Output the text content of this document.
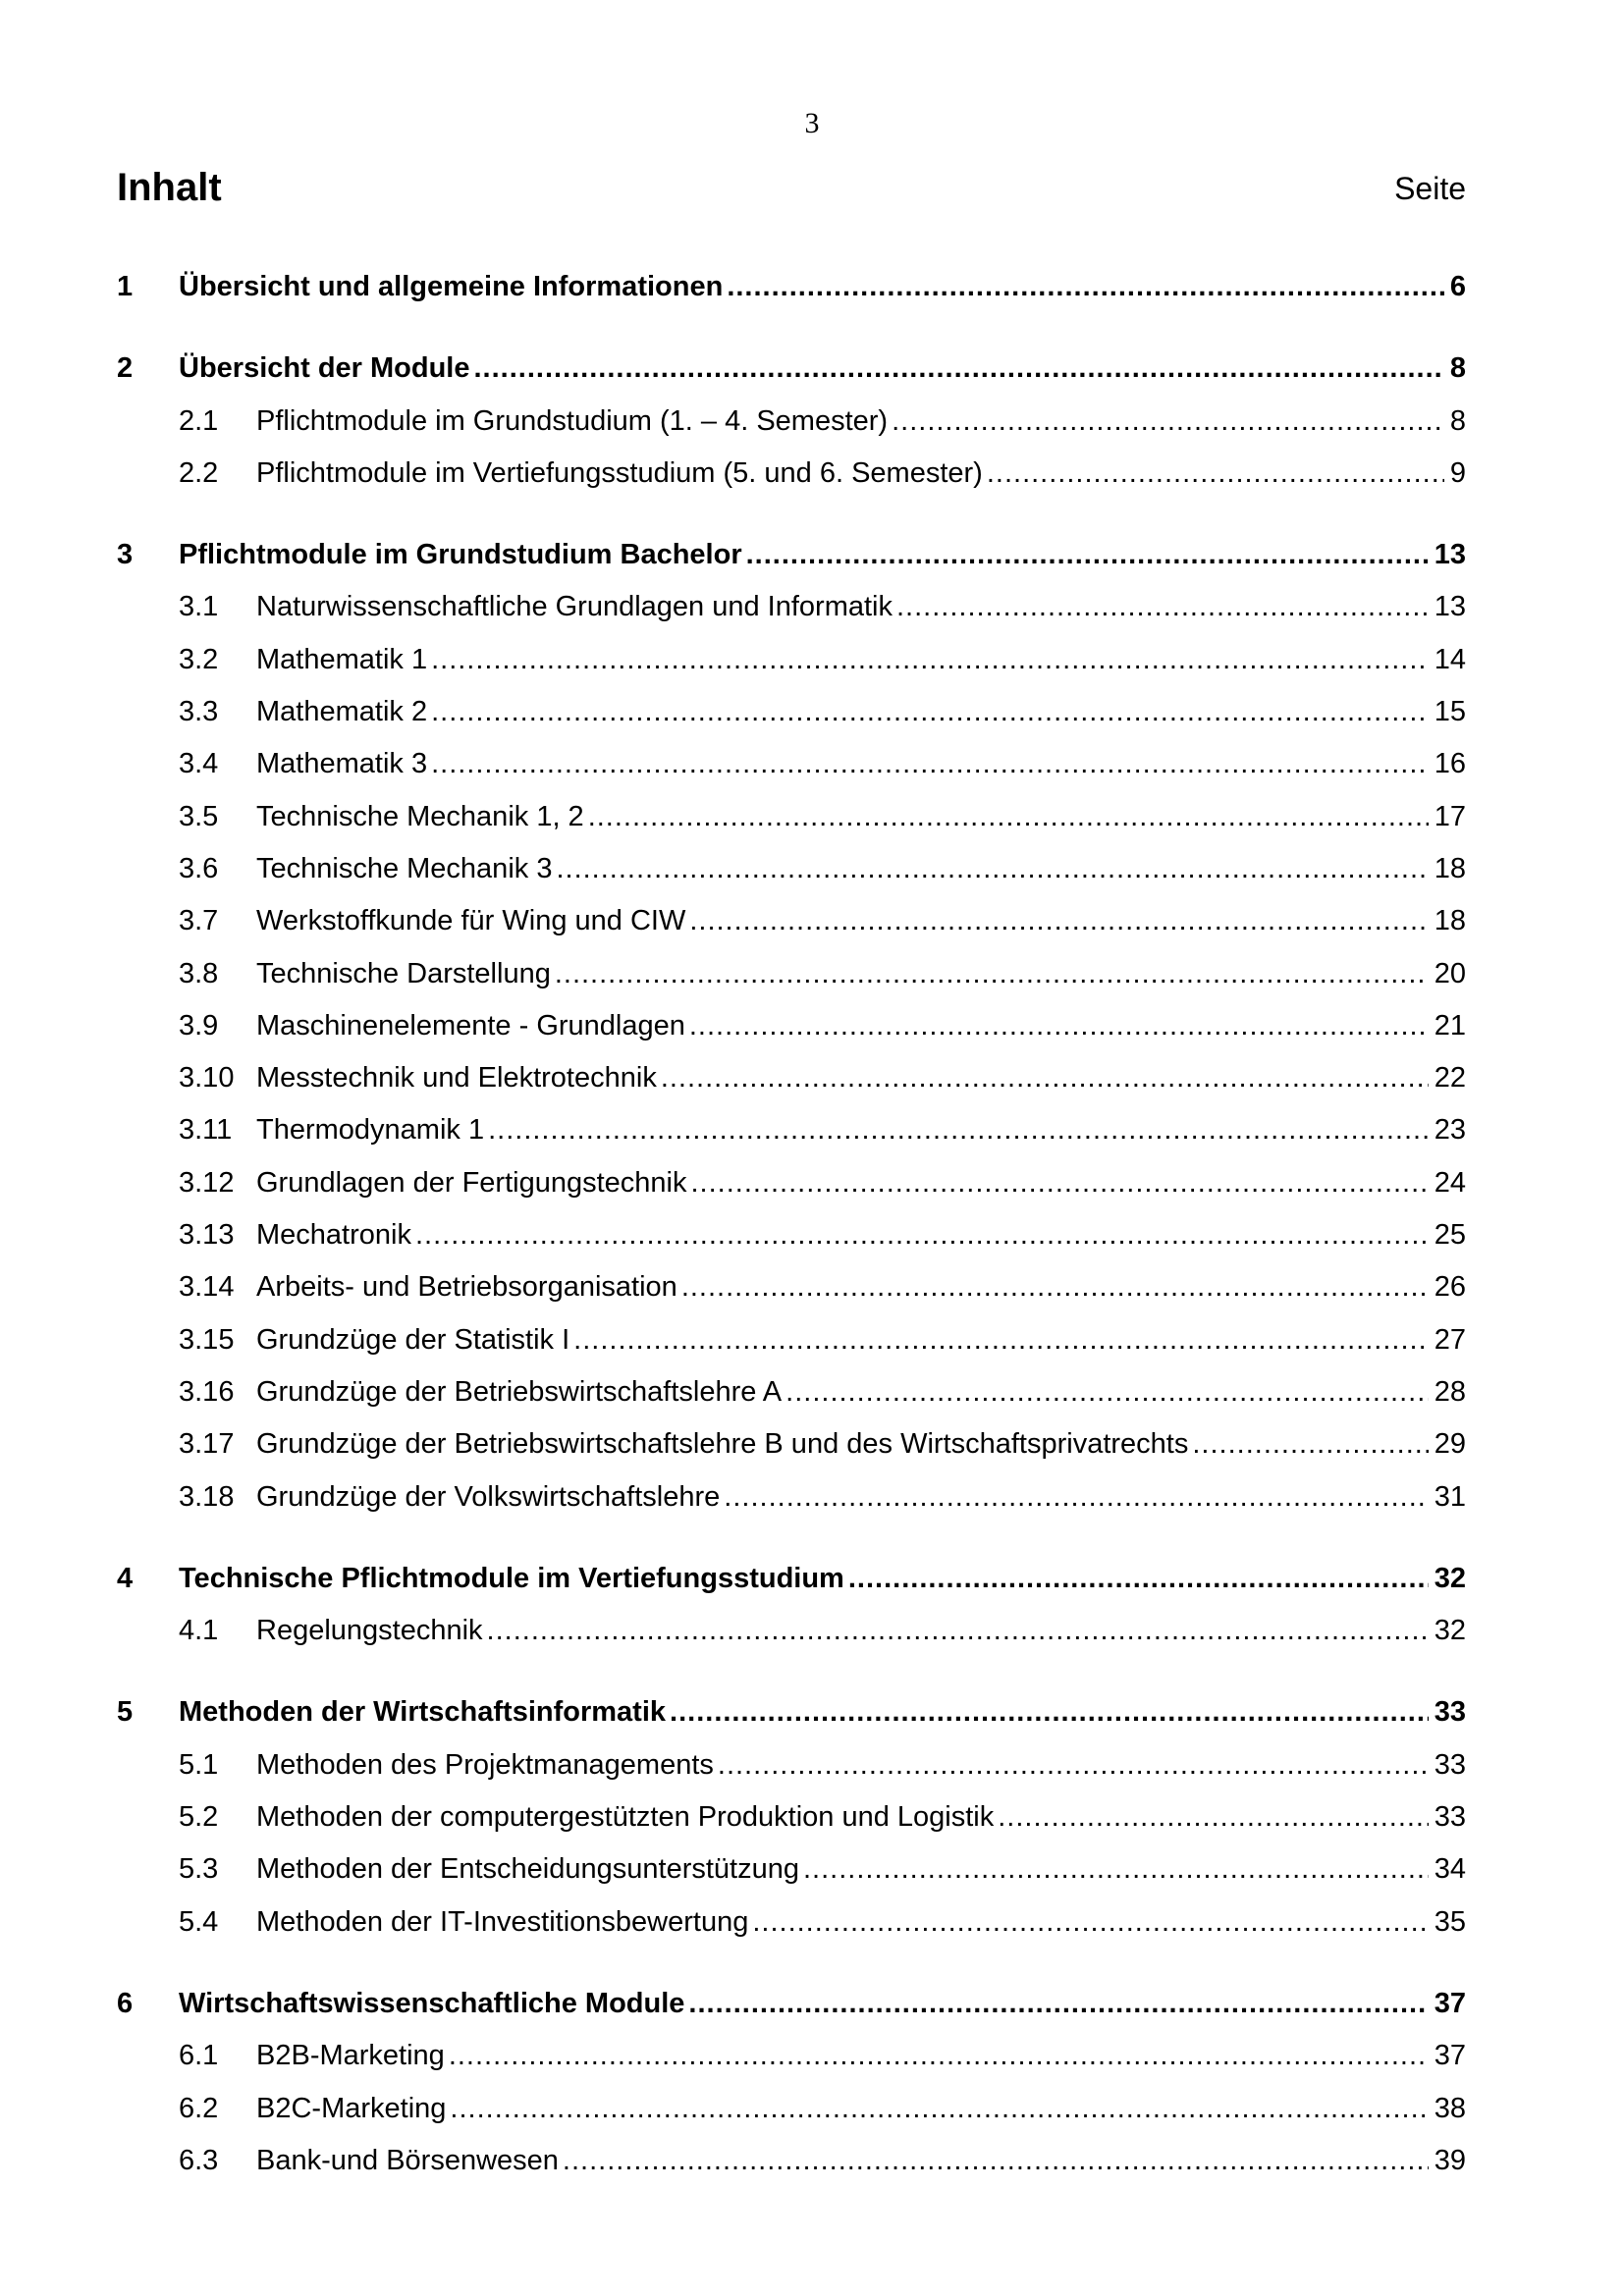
3
Inhalt	Seite
1	Übersicht und allgemeine Informationen .....	6
2	Übersicht der Module .....	8
2.1	Pflichtmodule im Grundstudium (1. – 4. Semester) .....	8
2.2	Pflichtmodule im Vertiefungsstudium (5. und 6. Semester) .....	9
3	Pflichtmodule im Grundstudium Bachelor .....	13
3.1	Naturwissenschaftliche Grundlagen und Informatik .....	13
3.2	Mathematik 1 .....	14
3.3	Mathematik 2 .....	15
3.4	Mathematik 3 .....	16
3.5	Technische Mechanik 1, 2 .....	17
3.6	Technische Mechanik 3 .....	18
3.7	Werkstoffkunde für Wing und CIW .....	18
3.8	Technische Darstellung .....	20
3.9	Maschinenelemente - Grundlagen .....	21
3.10 Messtechnik und Elektrotechnik .....	22
3.11 Thermodynamik 1 .....	23
3.12 Grundlagen der Fertigungstechnik .....	24
3.13 Mechatronik .....	25
3.14 Arbeits- und Betriebsorganisation .....	26
3.15 Grundzüge der Statistik I .....	27
3.16 Grundzüge der Betriebswirtschaftslehre A .....	28
3.17 Grundzüge der Betriebswirtschaftslehre B und des Wirtschaftsprivatrechts .....	29
3.18 Grundzüge der Volkswirtschaftslehre .....	31
4	Technische Pflichtmodule im Vertiefungsstudium .....	32
4.1	Regelungstechnik .....	32
5	Methoden der Wirtschaftsinformatik .....	33
5.1	Methoden des Projektmanagements .....	33
5.2	Methoden der computergestützten Produktion und Logistik .....	33
5.3	Methoden der Entscheidungsunterstützung .....	34
5.4	Methoden der IT-Investitionsbewertung .....	35
6	Wirtschaftswissenschaftliche Module .....	37
6.1	B2B-Marketing .....	37
6.2	B2C-Marketing .....	38
6.3	Bank-und Börsenwesen .....	39
